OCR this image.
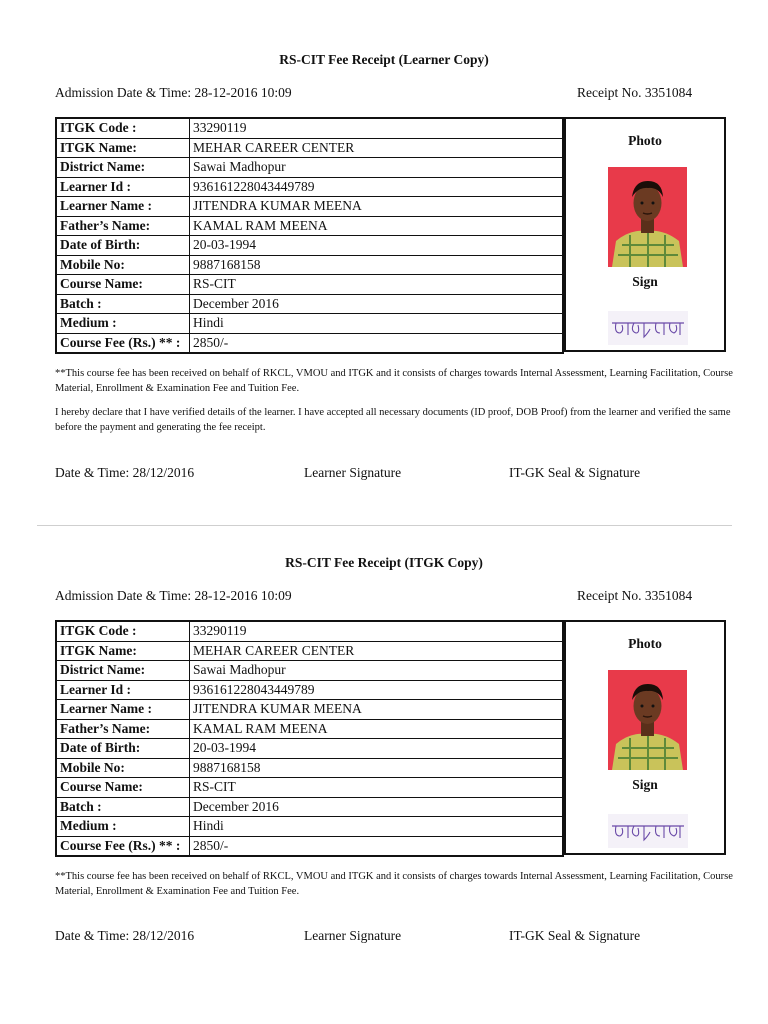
RS-CIT Fee Receipt (Learner Copy)
Admission Date & Time: 28-12-2016 10:09	Receipt No. 3351084
ITGK Code :	33290119
ITGK Name:	MEHAR CAREER CENTER
District Name:	Sawai Madhopur
Learner Id :	936161228043449789
Learner Name :	JITENDRA KUMAR MEENA
Father’s Name:	KAMAL RAM MEENA
Date of Birth:	20-03-1994
Mobile No:	9887168158
Course Name:	RS-CIT
Batch :	December 2016
Medium :	Hindi
Course Fee (Rs.) ** :	2850/-
Photo
Sign
**This course fee has been received on behalf of RKCL, VMOU and ITGK and it consists of charges towards Internal Assessment, Learning Facilitation, Course Material, Enrollment & Examination Fee and Tuition Fee.
I hereby declare that I have verified details of the learner. I have accepted all necessary documents (ID proof, DOB Proof) from the learner and verified the same before the payment and generating the fee receipt.
Date & Time: 28/12/2016	Learner Signature	IT-GK Seal & Signature
RS-CIT Fee Receipt (ITGK Copy)
Admission Date & Time: 28-12-2016 10:09	Receipt No. 3351084
ITGK Code :	33290119
ITGK Name:	MEHAR CAREER CENTER
District Name:	Sawai Madhopur
Learner Id :	936161228043449789
Learner Name :	JITENDRA KUMAR MEENA
Father’s Name:	KAMAL RAM MEENA
Date of Birth:	20-03-1994
Mobile No:	9887168158
Course Name:	RS-CIT
Batch :	December 2016
Medium :	Hindi
Course Fee (Rs.) ** :	2850/-
Photo
Sign
**This course fee has been received on behalf of RKCL, VMOU and ITGK and it consists of charges towards Internal Assessment, Learning Facilitation, Course Material, Enrollment & Examination Fee and Tuition Fee.
Date & Time: 28/12/2016	Learner Signature	IT-GK Seal & Signature
